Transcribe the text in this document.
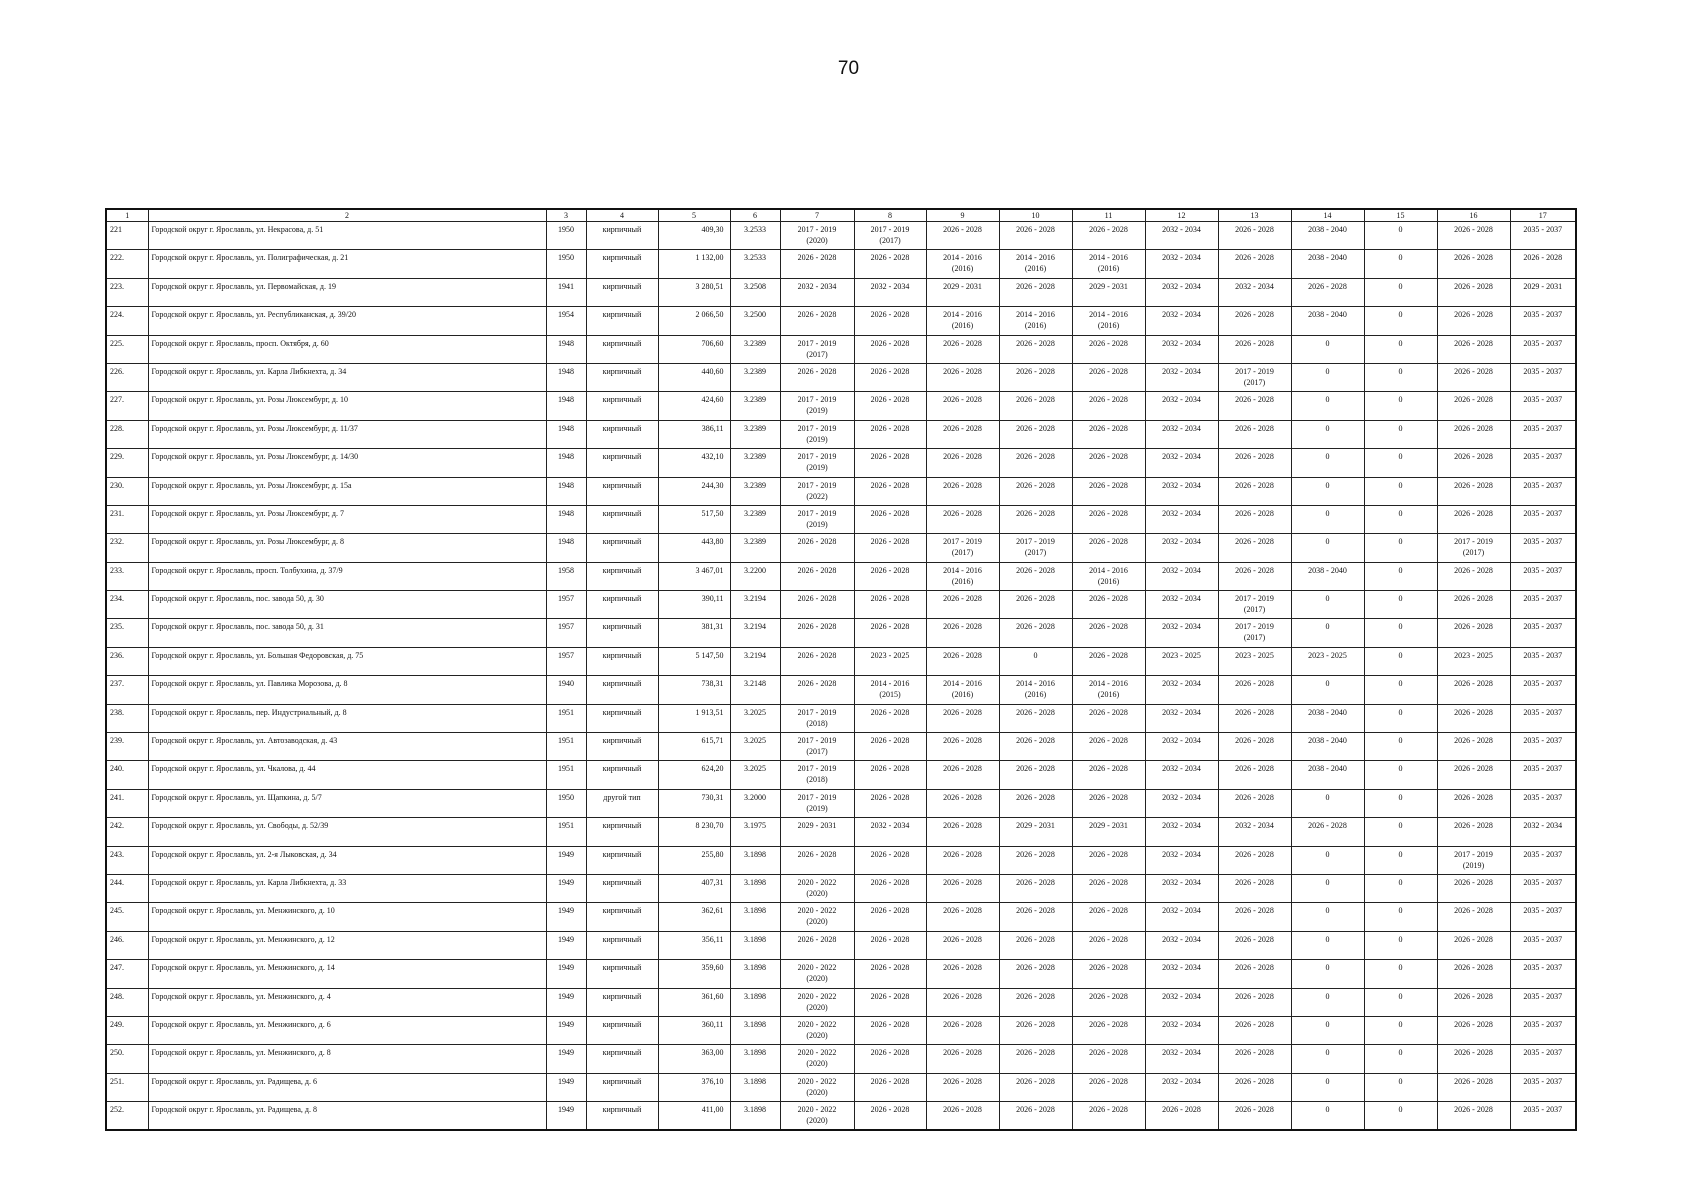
70
1	2	3	4	5	6	7	8	9	10	11	12	13	14	15	16	17
221	Городской округ г. Ярославль, ул. Некрасова, д. 51	1950	кирпичный	409,30	3.2533	2017 - 2019
(2020)	2017 - 2019
(2017)	2026 - 2028	2026 - 2028	2026 - 2028	2032 - 2034	2026 - 2028	2038 - 2040	0	2026 - 2028	2035 - 2037
222.	Городской округ г. Ярославль, ул. Полиграфическая, д. 21	1950	кирпичный	1 132,00	3.2533	2026 - 2028	2026 - 2028	2014 - 2016
(2016)	2014 - 2016
(2016)	2014 - 2016
(2016)	2032 - 2034	2026 - 2028	2038 - 2040	0	2026 - 2028	2026 - 2028
223.	Городской округ г. Ярославль, ул. Первомайская, д. 19	1941	кирпичный	3 280,51	3.2508	2032 - 2034	2032 - 2034	2029 - 2031	2026 - 2028	2029 - 2031	2032 - 2034	2032 - 2034	2026 - 2028	0	2026 - 2028	2029 - 2031
224.	Городской округ г. Ярославль, ул. Республиканская, д. 39/20	1954	кирпичный	2 066,50	3.2500	2026 - 2028	2026 - 2028	2014 - 2016
(2016)	2014 - 2016
(2016)	2014 - 2016
(2016)	2032 - 2034	2026 - 2028	2038 - 2040	0	2026 - 2028	2035 - 2037
225.	Городской округ г. Ярославль, просп. Октября, д. 60	1948	кирпичный	706,60	3.2389	2017 - 2019
(2017)	2026 - 2028	2026 - 2028	2026 - 2028	2026 - 2028	2032 - 2034	2026 - 2028	0	0	2026 - 2028	2035 - 2037
226.	Городской округ г. Ярославль, ул. Карла Либкнехта, д. 34	1948	кирпичный	440,60	3.2389	2026 - 2028	2026 - 2028	2026 - 2028	2026 - 2028	2026 - 2028	2032 - 2034	2017 - 2019
(2017)	0	0	2026 - 2028	2035 - 2037
227.	Городской округ г. Ярославль, ул. Розы Люксембург, д. 10	1948	кирпичный	424,60	3.2389	2017 - 2019
(2019)	2026 - 2028	2026 - 2028	2026 - 2028	2026 - 2028	2032 - 2034	2026 - 2028	0	0	2026 - 2028	2035 - 2037
228.	Городской округ г. Ярославль, ул. Розы Люксембург, д. 11/37	1948	кирпичный	386,11	3.2389	2017 - 2019
(2019)	2026 - 2028	2026 - 2028	2026 - 2028	2026 - 2028	2032 - 2034	2026 - 2028	0	0	2026 - 2028	2035 - 2037
229.	Городской округ г. Ярославль, ул. Розы Люксембург, д. 14/30	1948	кирпичный	432,10	3.2389	2017 - 2019
(2019)	2026 - 2028	2026 - 2028	2026 - 2028	2026 - 2028	2032 - 2034	2026 - 2028	0	0	2026 - 2028	2035 - 2037
230.	Городской округ г. Ярославль, ул. Розы Люксембург, д. 15а	1948	кирпичный	244,30	3.2389	2017 - 2019
(2022)	2026 - 2028	2026 - 2028	2026 - 2028	2026 - 2028	2032 - 2034	2026 - 2028	0	0	2026 - 2028	2035 - 2037
231.	Городской округ г. Ярославль, ул. Розы Люксембург, д. 7	1948	кирпичный	517,50	3.2389	2017 - 2019
(2019)	2026 - 2028	2026 - 2028	2026 - 2028	2026 - 2028	2032 - 2034	2026 - 2028	0	0	2026 - 2028	2035 - 2037
232.	Городской округ г. Ярославль, ул. Розы Люксембург, д. 8	1948	кирпичный	443,80	3.2389	2026 - 2028	2026 - 2028	2017 - 2019
(2017)	2017 - 2019
(2017)	2026 - 2028	2032 - 2034	2026 - 2028	0	0	2017 - 2019
(2017)	2035 - 2037
233.	Городской округ г. Ярославль, просп. Толбухина, д. 37/9	1958	кирпичный	3 467,01	3.2200	2026 - 2028	2026 - 2028	2014 - 2016
(2016)	2026 - 2028	2014 - 2016
(2016)	2032 - 2034	2026 - 2028	2038 - 2040	0	2026 - 2028	2035 - 2037
234.	Городской округ г. Ярославль, пос. завода 50, д. 30	1957	кирпичный	390,11	3.2194	2026 - 2028	2026 - 2028	2026 - 2028	2026 - 2028	2026 - 2028	2032 - 2034	2017 - 2019
(2017)	0	0	2026 - 2028	2035 - 2037
235.	Городской округ г. Ярославль, пос. завода 50, д. 31	1957	кирпичный	381,31	3.2194	2026 - 2028	2026 - 2028	2026 - 2028	2026 - 2028	2026 - 2028	2032 - 2034	2017 - 2019
(2017)	0	0	2026 - 2028	2035 - 2037
236.	Городской округ г. Ярославль, ул. Большая Федоровская, д. 75	1957	кирпичный	5 147,50	3.2194	2026 - 2028	2023 - 2025	2026 - 2028	0	2026 - 2028	2023 - 2025	2023 - 2025	2023 - 2025	0	2023 - 2025	2035 - 2037
237.	Городской округ г. Ярославль, ул. Павлика Морозова, д. 8	1940	кирпичный	738,31	3.2148	2026 - 2028	2014 - 2016
(2015)	2014 - 2016
(2016)	2014 - 2016
(2016)	2014 - 2016
(2016)	2032 - 2034	2026 - 2028	0	0	2026 - 2028	2035 - 2037
238.	Городской округ г. Ярославль, пер. Индустриальный, д. 8	1951	кирпичный	1 913,51	3.2025	2017 - 2019
(2018)	2026 - 2028	2026 - 2028	2026 - 2028	2026 - 2028	2032 - 2034	2026 - 2028	2038 - 2040	0	2026 - 2028	2035 - 2037
239.	Городской округ г. Ярославль, ул. Автозаводская, д. 43	1951	кирпичный	615,71	3.2025	2017 - 2019
(2017)	2026 - 2028	2026 - 2028	2026 - 2028	2026 - 2028	2032 - 2034	2026 - 2028	2038 - 2040	0	2026 - 2028	2035 - 2037
240.	Городской округ г. Ярославль, ул. Чкалова, д. 44	1951	кирпичный	624,20	3.2025	2017 - 2019
(2018)	2026 - 2028	2026 - 2028	2026 - 2028	2026 - 2028	2032 - 2034	2026 - 2028	2038 - 2040	0	2026 - 2028	2035 - 2037
241.	Городской округ г. Ярославль, ул. Щапкина, д. 5/7	1950	другой тип	730,31	3.2000	2017 - 2019
(2019)	2026 - 2028	2026 - 2028	2026 - 2028	2026 - 2028	2032 - 2034	2026 - 2028	0	0	2026 - 2028	2035 - 2037
242.	Городской округ г. Ярославль, ул. Свободы, д. 52/39	1951	кирпичный	8 230,70	3.1975	2029 - 2031	2032 - 2034	2026 - 2028	2029 - 2031	2029 - 2031	2032 - 2034	2032 - 2034	2026 - 2028	0	2026 - 2028	2032 - 2034
243.	Городской округ г. Ярославль, ул. 2-я Лыковская, д. 34	1949	кирпичный	255,80	3.1898	2026 - 2028	2026 - 2028	2026 - 2028	2026 - 2028	2026 - 2028	2032 - 2034	2026 - 2028	0	0	2017 - 2019
(2019)	2035 - 2037
244.	Городской округ г. Ярославль, ул. Карла Либкнехта, д. 33	1949	кирпичный	407,31	3.1898	2020 - 2022
(2020)	2026 - 2028	2026 - 2028	2026 - 2028	2026 - 2028	2032 - 2034	2026 - 2028	0	0	2026 - 2028	2035 - 2037
245.	Городской округ г. Ярославль, ул. Менжинского, д. 10	1949	кирпичный	362,61	3.1898	2020 - 2022
(2020)	2026 - 2028	2026 - 2028	2026 - 2028	2026 - 2028	2032 - 2034	2026 - 2028	0	0	2026 - 2028	2035 - 2037
246.	Городской округ г. Ярославль, ул. Менжинского, д. 12	1949	кирпичный	356,11	3.1898	2026 - 2028	2026 - 2028	2026 - 2028	2026 - 2028	2026 - 2028	2032 - 2034	2026 - 2028	0	0	2026 - 2028	2035 - 2037
247.	Городской округ г. Ярославль, ул. Менжинского, д. 14	1949	кирпичный	359,60	3.1898	2020 - 2022
(2020)	2026 - 2028	2026 - 2028	2026 - 2028	2026 - 2028	2032 - 2034	2026 - 2028	0	0	2026 - 2028	2035 - 2037
248.	Городской округ г. Ярославль, ул. Менжинского, д. 4	1949	кирпичный	361,60	3.1898	2020 - 2022
(2020)	2026 - 2028	2026 - 2028	2026 - 2028	2026 - 2028	2032 - 2034	2026 - 2028	0	0	2026 - 2028	2035 - 2037
249.	Городской округ г. Ярославль, ул. Менжинского, д. 6	1949	кирпичный	360,11	3.1898	2020 - 2022
(2020)	2026 - 2028	2026 - 2028	2026 - 2028	2026 - 2028	2032 - 2034	2026 - 2028	0	0	2026 - 2028	2035 - 2037
250.	Городской округ г. Ярославль, ул. Менжинского, д. 8	1949	кирпичный	363,00	3.1898	2020 - 2022
(2020)	2026 - 2028	2026 - 2028	2026 - 2028	2026 - 2028	2032 - 2034	2026 - 2028	0	0	2026 - 2028	2035 - 2037
251.	Городской округ г. Ярославль, ул. Радищева, д. 6	1949	кирпичный	376,10	3.1898	2020 - 2022
(2020)	2026 - 2028	2026 - 2028	2026 - 2028	2026 - 2028	2032 - 2034	2026 - 2028	0	0	2026 - 2028	2035 - 2037
252.	Городской округ г. Ярославль, ул. Радищева, д. 8	1949	кирпичный	411,00	3.1898	2020 - 2022
(2020)	2026 - 2028	2026 - 2028	2026 - 2028	2026 - 2028	2026 - 2028	2026 - 2028	0	0	2026 - 2028	2035 - 2037
